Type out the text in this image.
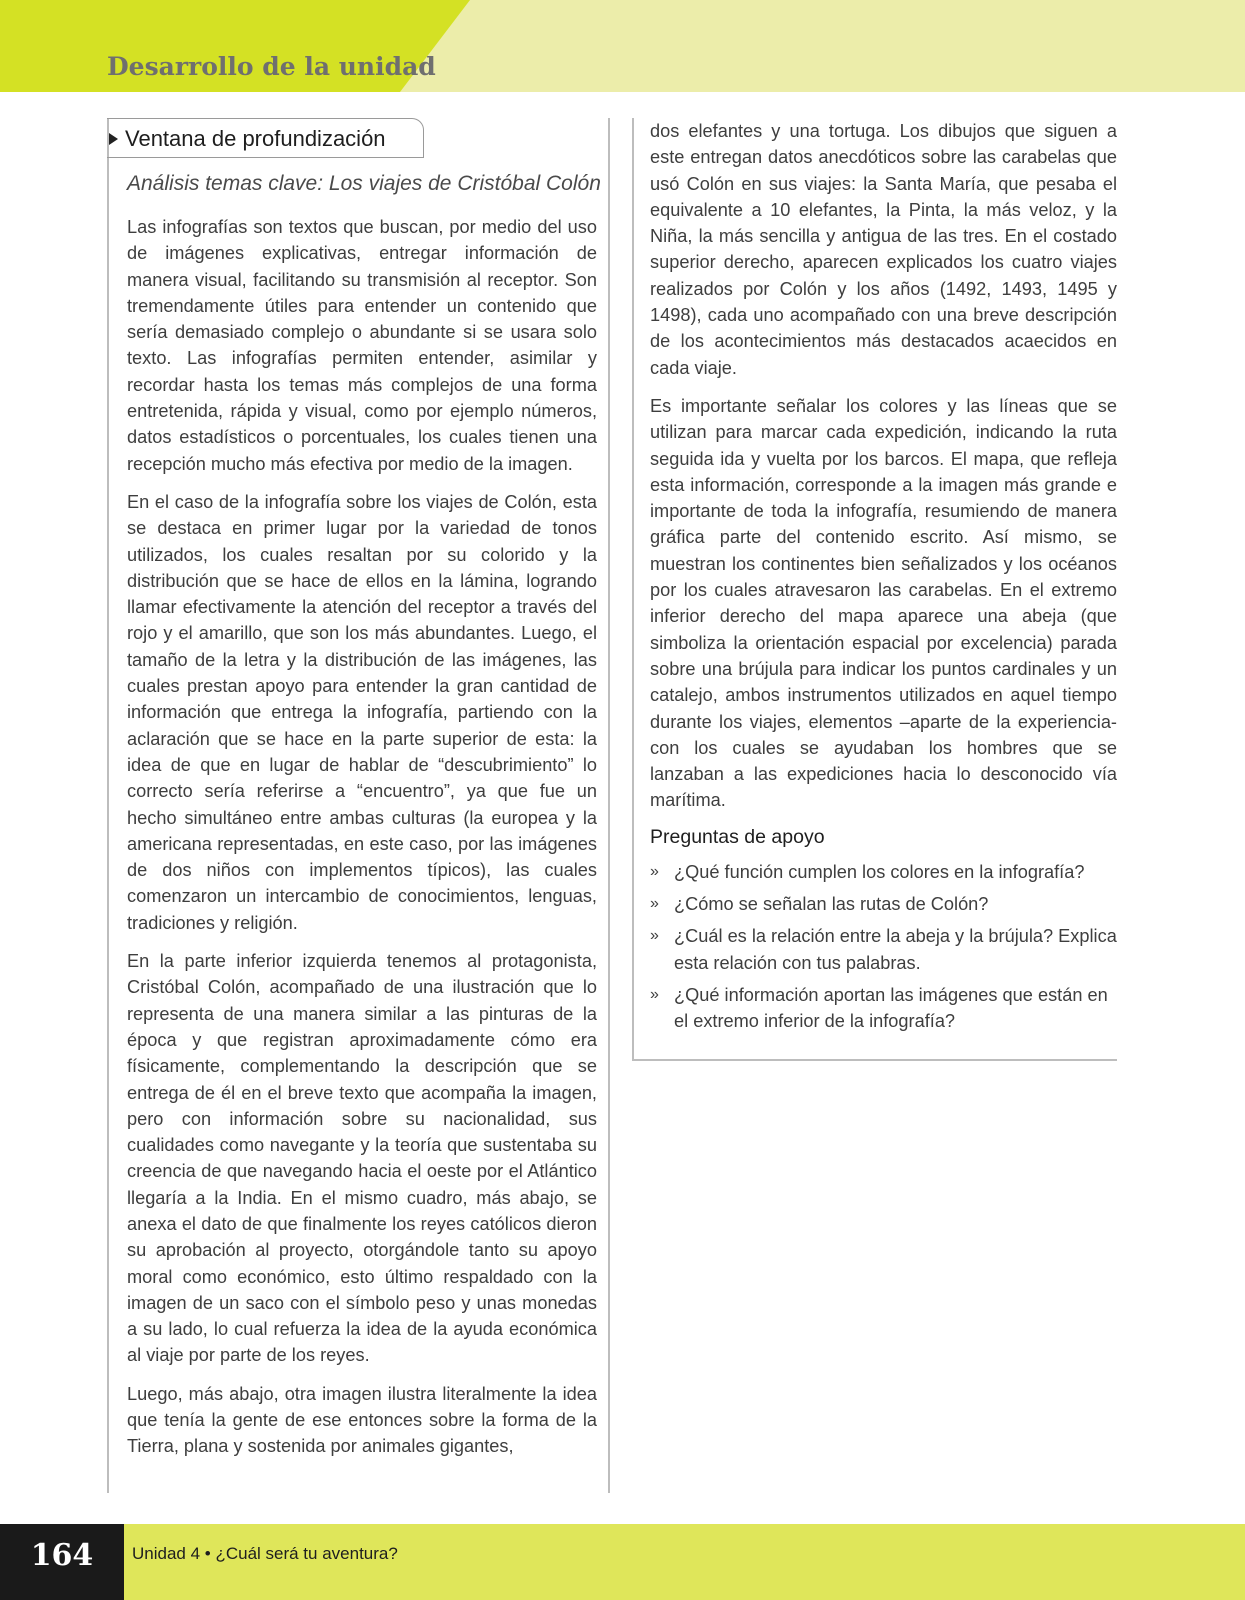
Desarrollo de la unidad
Ventana de profundización
Análisis temas clave: Los viajes de Cristóbal Colón

Las infografías son textos que buscan, por medio del uso de imágenes explicativas, entregar información de manera visual, facilitando su transmisión al receptor. Son tremendamente útiles para entender un contenido que sería demasiado complejo o abundante si se usara solo texto. Las infografías permiten entender, asimilar y recordar hasta los temas más complejos de una forma entretenida, rápida y visual, como por ejemplo números, datos estadísticos o porcentuales, los cuales tienen una recepción mucho más efectiva por medio de la imagen.

En el caso de la infografía sobre los viajes de Colón, esta se destaca en primer lugar por la variedad de tonos utilizados, los cuales resaltan por su colorido y la distribución que se hace de ellos en la lámina, logrando llamar efectivamente la atención del receptor a través del rojo y el amarillo, que son los más abundantes. Luego, el tamaño de la letra y la distribución de las imágenes, las cuales prestan apoyo para entender la gran cantidad de información que entrega la infografía, partiendo con la aclaración que se hace en la parte superior de esta: la idea de que en lugar de hablar de “descubrimiento” lo correcto sería referirse a “encuentro”, ya que fue un hecho simultáneo entre ambas culturas (la europea y la americana representadas, en este caso, por las imágenes de dos niños con implementos típicos), las cuales comenzaron un intercambio de conocimientos, lenguas, tradiciones y religión.

En la parte inferior izquierda tenemos al protagonista, Cristóbal Colón, acompañado de una ilustración que lo representa de una manera similar a las pinturas de la época y que registran aproximadamente cómo era físicamente, complementando la descripción que se entrega de él en el breve texto que acompaña la imagen, pero con información sobre su nacionalidad, sus cualidades como navegante y la teoría que sustentaba su creencia de que navegando hacia el oeste por el Atlántico llegaría a la India. En el mismo cuadro, más abajo, se anexa el dato de que finalmente los reyes católicos dieron su aprobación al proyecto, otorgándole tanto su apoyo moral como económico, esto último respaldado con la imagen de un saco con el símbolo peso y unas monedas a su lado, lo cual refuerza la idea de la ayuda económica al viaje por parte de los reyes.

Luego, más abajo, otra imagen ilustra literalmente la idea que tenía la gente de ese entonces sobre la forma de la Tierra, plana y sostenida por animales gigantes,

dos elefantes y una tortuga. Los dibujos que siguen a este entregan datos anecdóticos sobre las carabelas que usó Colón en sus viajes: la Santa María, que pesaba el equivalente a 10 elefantes, la Pinta, la más veloz, y la Niña, la más sencilla y antigua de las tres. En el costado superior derecho, aparecen explicados los cuatro viajes realizados por Colón y los años (1492, 1493, 1495 y 1498), cada uno acompañado con una breve descripción de los acontecimientos más destacados acaecidos en cada viaje.

Es importante señalar los colores y las líneas que se utilizan para marcar cada expedición, indicando la ruta seguida ida y vuelta por los barcos. El mapa, que refleja esta información, corresponde a la imagen más grande e importante de toda la infografía, resumiendo de manera gráfica parte del contenido escrito. Así mismo, se muestran los continentes bien señalizados y los océanos por los cuales atravesaron las carabelas. En el extremo inferior derecho del mapa aparece una abeja (que simboliza la orientación espacial por excelencia) parada sobre una brújula para indicar los puntos cardinales y un catalejo, ambos instrumentos utilizados en aquel tiempo durante los viajes, elementos –aparte de la experiencia- con los cuales se ayudaban los hombres que se lanzaban a las expediciones hacia lo desconocido vía marítima.

Preguntas de apoyo
» ¿Qué función cumplen los colores en la infografía?
» ¿Cómo se señalan las rutas de Colón?
» ¿Cuál es la relación entre la abeja y la brújula? Explica esta relación con tus palabras.
» ¿Qué información aportan las imágenes que están en el extremo inferior de la infografía?
164	Unidad 4 • ¿Cuál será tu aventura?
